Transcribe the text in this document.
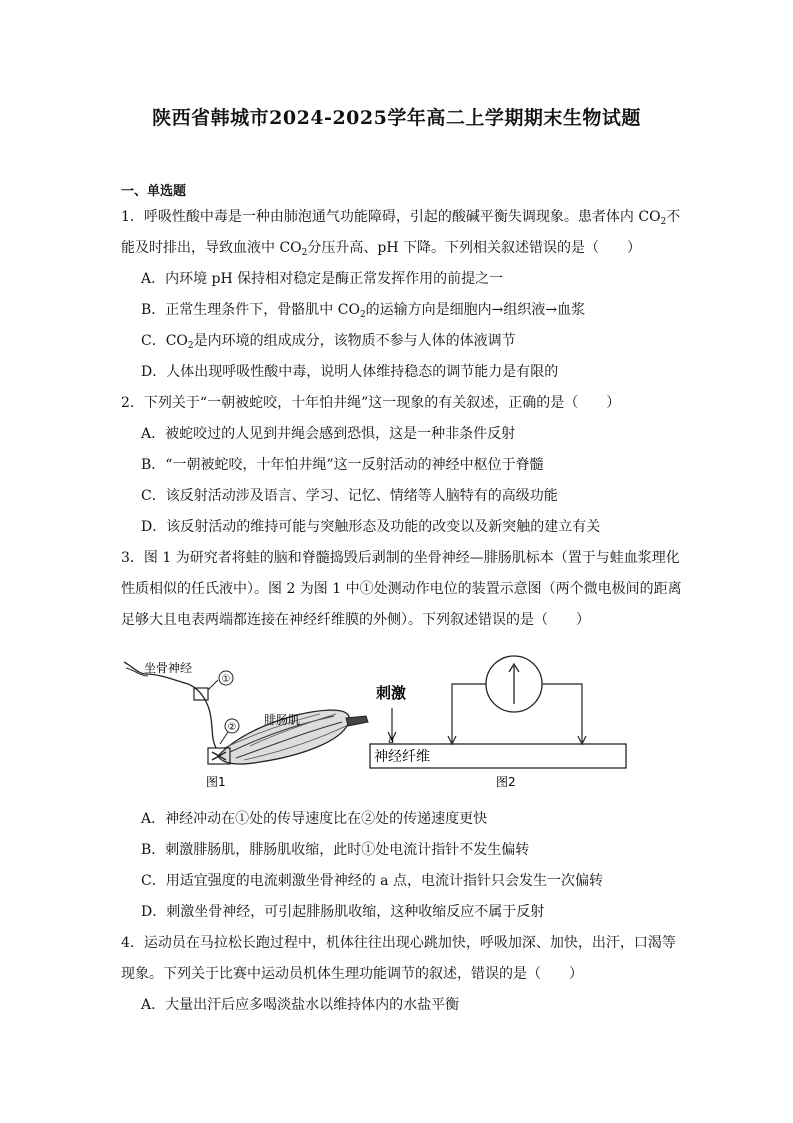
陕西省韩城市2024-2025学年高二上学期期末生物试题
一、单选题
1．呼吸性酸中毒是一种由肺泡通气功能障碍，引起的酸碱平衡失调现象。患者体内 $CO_2$不
能及时排出，导致血液中 $CO_2$分压升高、pH 下降。下列相关叙述错误的是（　　）
A．内环境 pH 保持相对稳定是酶正常发挥作用的前提之一
B．正常生理条件下，骨骼肌中 $CO_2$的运输方向是细胞内→组织液→血浆
C．$CO_2$是内环境的组成成分，该物质不参与人体的体液调节
D．人体出现呼吸性酸中毒，说明人体维持稳态的调节能力是有限的
2．下列关于“一朝被蛇咬，十年怕井绳”这一现象的有关叙述，正确的是（　　）
A．被蛇咬过的人见到井绳会感到恐惧，这是一种非条件反射
B．“一朝被蛇咬，十年怕井绳”这一反射活动的神经中枢位于脊髓
C．该反射活动涉及语言、学习、记忆、情绪等人脑特有的高级功能
D．该反射活动的维持可能与突触形态及功能的改变以及新突触的建立有关
3．图 1 为研究者将蛙的脑和脊髓捣毁后剥制的坐骨神经—腓肠肌标本（置于与蛙血浆理化
性质相似的任氏液中）。图 2 为图 1 中①处测动作电位的装置示意图（两个微电极间的距离
足够大且电表两端都连接在神经纤维膜的外侧）。下列叙述错误的是（　　）
①
②
坐骨神经
腓肠肌
图1
神经纤维
刺激
a
图2
A．神经冲动在①处的传导速度比在②处的传递速度更快
B．刺激腓肠肌，腓肠肌收缩，此时①处电流计指针不发生偏转
C．用适宜强度的电流刺激坐骨神经的 a 点，电流计指针只会发生一次偏转
D．刺激坐骨神经，可引起腓肠肌收缩，这种收缩反应不属于反射
4．运动员在马拉松长跑过程中，机体往往出现心跳加快，呼吸加深、加快，出汗，口渴等
现象。下列关于比赛中运动员机体生理功能调节的叙述，错误的是（　　）
A．大量出汗后应多喝淡盐水以维持体内的水盐平衡
